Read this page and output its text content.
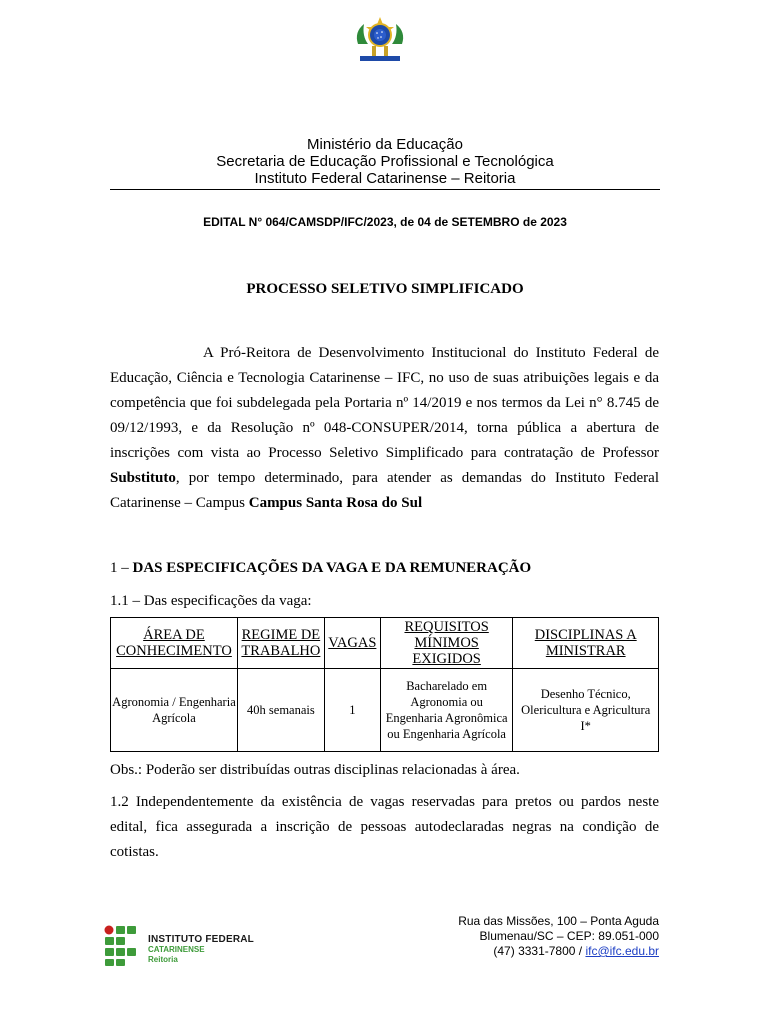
Ministério da Educação
Secretaria de Educação Profissional e Tecnológica
Instituto Federal Catarinense – Reitoria
EDITAL N° 064/CAMSDP/IFC/2023, de 04 de SETEMBRO de 2023
PROCESSO SELETIVO SIMPLIFICADO

A Pró-Reitora de Desenvolvimento Institucional do Instituto Federal de Educação, Ciência e Tecnologia Catarinense – IFC, no uso de suas atribuições legais e da competência que foi subdelegada pela Portaria nº 14/2019 e nos termos da Lei n° 8.745 de 09/12/1993, e da Resolução nº 048-CONSUPER/2014, torna pública a abertura de inscrições com vista ao Processo Seletivo Simplificado para contratação de Professor Substituto, por tempo determinado, para atender as demandas do Instituto Federal Catarinense – Campus Campus Santa Rosa do Sul

1 – DAS ESPECIFICAÇÕES DA VAGA E DA REMUNERAÇÃO
1.1 – Das especificações da vaga:
ÁREA DE CONHECIMENTO	REGIME DE TRABALHO	VAGAS	REQUISITOS MÍNIMOS EXIGIDOS	DISCIPLINAS A MINISTRAR
Agronomia / Engenharia Agrícola	40h semanais	1	Bacharelado em Agronomia ou Engenharia Agronômica ou Engenharia Agrícola	Desenho Técnico, Olericultura e Agricultura I*
Obs.: Poderão ser distribuídas outras disciplinas relacionadas à área.

1.2 Independentemente da existência de vagas reservadas para pretos ou pardos neste edital, fica assegurada a inscrição de pessoas autodeclaradas negras na condição de cotistas.

INSTITUTO FEDERAL
CATARINENSE
Reitoria
Rua das Missões, 100 – Ponta Aguda
Blumenau/SC – CEP: 89.051-000
(47) 3331-7800 / ifc@ifc.edu.br
